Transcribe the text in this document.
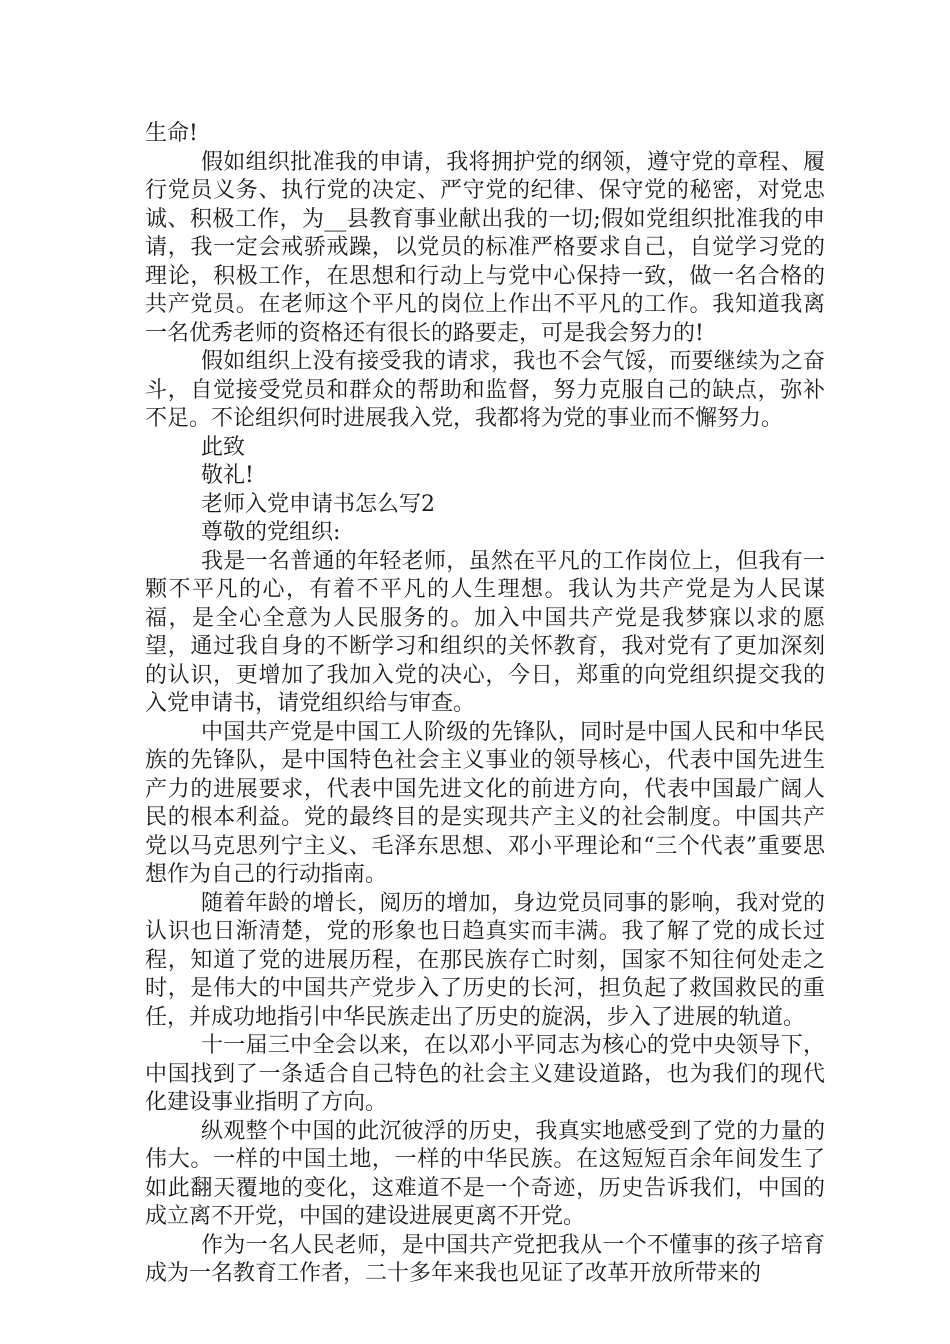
生命!

假如组织批准我的申请，我将拥护党的纲领，遵守党的章程、履行党员义务、执行党的决定、严守党的纪律、保守党的秘密，对党忠诚、积极工作，为__县教育事业献出我的一切;假如党组织批准我的申请，我一定会戒骄戒躁，以党员的标准严格要求自己，自觉学习党的理论，积极工作，在思想和行动上与党中心保持一致，做一名合格的共产党员。在老师这个平凡的岗位上作出不平凡的工作。我知道我离一名优秀老师的资格还有很长的路要走，可是我会努力的!

假如组织上没有接受我的请求，我也不会气馁，而要继续为之奋斗，自觉接受党员和群众的帮助和监督，努力克服自己的缺点，弥补不足。不论组织何时进展我入党，我都将为党的事业而不懈努力。

此致

敬礼!

老师入党申请书怎么写2

尊敬的党组织:

我是一名普通的年轻老师，虽然在平凡的工作岗位上，但我有一颗不平凡的心，有着不平凡的人生理想。我认为共产党是为人民谋福，是全心全意为人民服务的。加入中国共产党是我梦寐以求的愿望，通过我自身的不断学习和组织的关怀教育，我对党有了更加深刻的认识，更增加了我加入党的决心，今日，郑重的向党组织提交我的入党申请书，请党组织给与审查。

中国共产党是中国工人阶级的先锋队，同时是中国人民和中华民族的先锋队，是中国特色社会主义事业的领导核心，代表中国先进生产力的进展要求，代表中国先进文化的前进方向，代表中国最广阔人民的根本利益。党的最终目的是实现共产主义的社会制度。中国共产党以马克思列宁主义、毛泽东思想、邓小平理论和“三个代表”重要思想作为自己的行动指南。

随着年龄的增长，阅历的增加，身边党员同事的影响，我对党的认识也日渐清楚，党的形象也日趋真实而丰满。我了解了党的成长过程，知道了党的进展历程，在那民族存亡时刻，国家不知往何处走之时，是伟大的中国共产党步入了历史的长河，担负起了救国救民的重任，并成功地指引中华民族走出了历史的旋涡，步入了进展的轨道。

十一届三中全会以来，在以邓小平同志为核心的党中央领导下，中国找到了一条适合自己特色的社会主义建设道路，也为我们的现代化建设事业指明了方向。

纵观整个中国的此沉彼浮的历史，我真实地感受到了党的力量的伟大。一样的中国土地，一样的中华民族。在这短短百余年间发生了如此翻天覆地的变化，这难道不是一个奇迹，历史告诉我们，中国的成立离不开党，中国的建设进展更离不开党。

作为一名人民老师，是中国共产党把我从一个不懂事的孩子培育成为一名教育工作者，二十多年来我也见证了改革开放所带来的
